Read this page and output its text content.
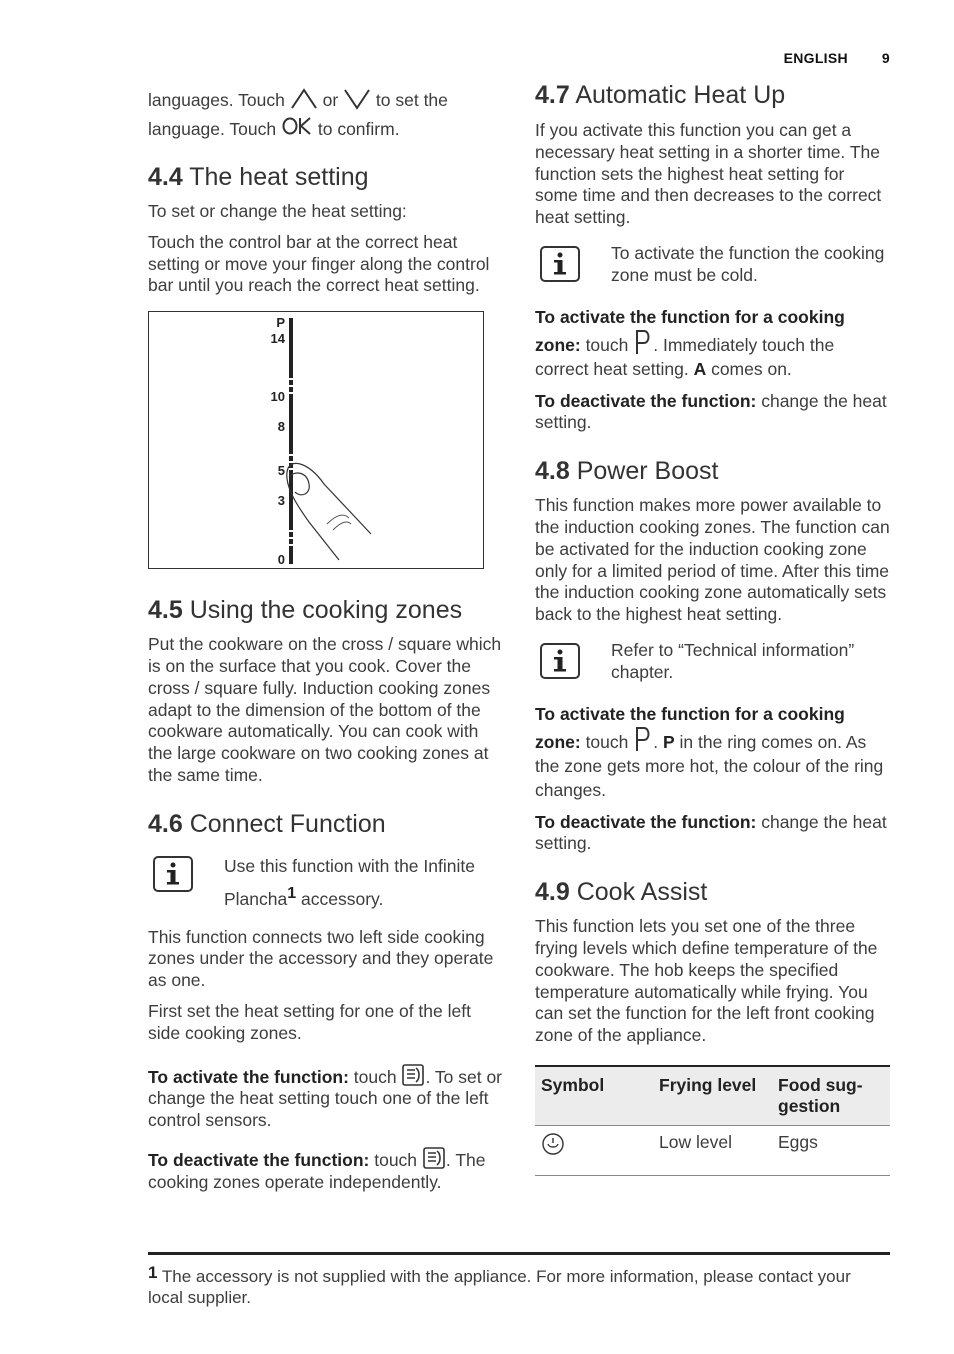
ENGLISH 9

languages. Touch  or  to set the language. Touch  to confirm.

4.4 The heat setting

To set or change the heat setting:

Touch the control bar at the correct heat setting or move your finger along the control bar until you reach the correct heat setting.

P
14
10
8
5
3
0
4.5 Using the cooking zones

Put the cookware on the cross / square which is on the surface that you cook. Cover the cross / square fully. Induction cooking zones adapt to the dimension of the bottom of the cookware automatically. You can cook with the large cookware on two cooking zones at the same time.

4.6 Connect Function

Use this function with the Infinite Plancha$^1$ accessory.

This function connects two left side cooking zones under the accessory and they operate as one.

First set the heat setting for one of the left side cooking zones.

To activate the function: touch . To set or change the heat setting touch one of the left control sensors.

To deactivate the function: touch . The cooking zones operate independently.

4.7 Automatic Heat Up

If you activate this function you can get a necessary heat setting in a shorter time. The function sets the highest heat setting for some time and then decreases to the correct heat setting.

To activate the function the cooking zone must be cold.

To activate the function for a cooking zone: touch . Immediately touch the correct heat setting. A comes on.

To deactivate the function: change the heat setting.

4.8 Power Boost

This function makes more power available to the induction cooking zones. The function can be activated for the induction cooking zone only for a limited period of time. After this time the induction cooking zone automatically sets back to the highest heat setting.

Refer to “Technical information” chapter.

To activate the function for a cooking zone: touch . P in the ring comes on. As the zone gets more hot, the colour of the ring changes.

To deactivate the function: change the heat setting.

4.9 Cook Assist

This function lets you set one of the three frying levels which define temperature of the cookware. The hob keeps the specified temperature automatically while frying. You can set the function for the left front cooking zone of the appliance.

Symbol	Frying level	Food sug- gestion
	Low level	Eggs
1 The accessory is not supplied with the appliance. For more information, please contact your local supplier.
